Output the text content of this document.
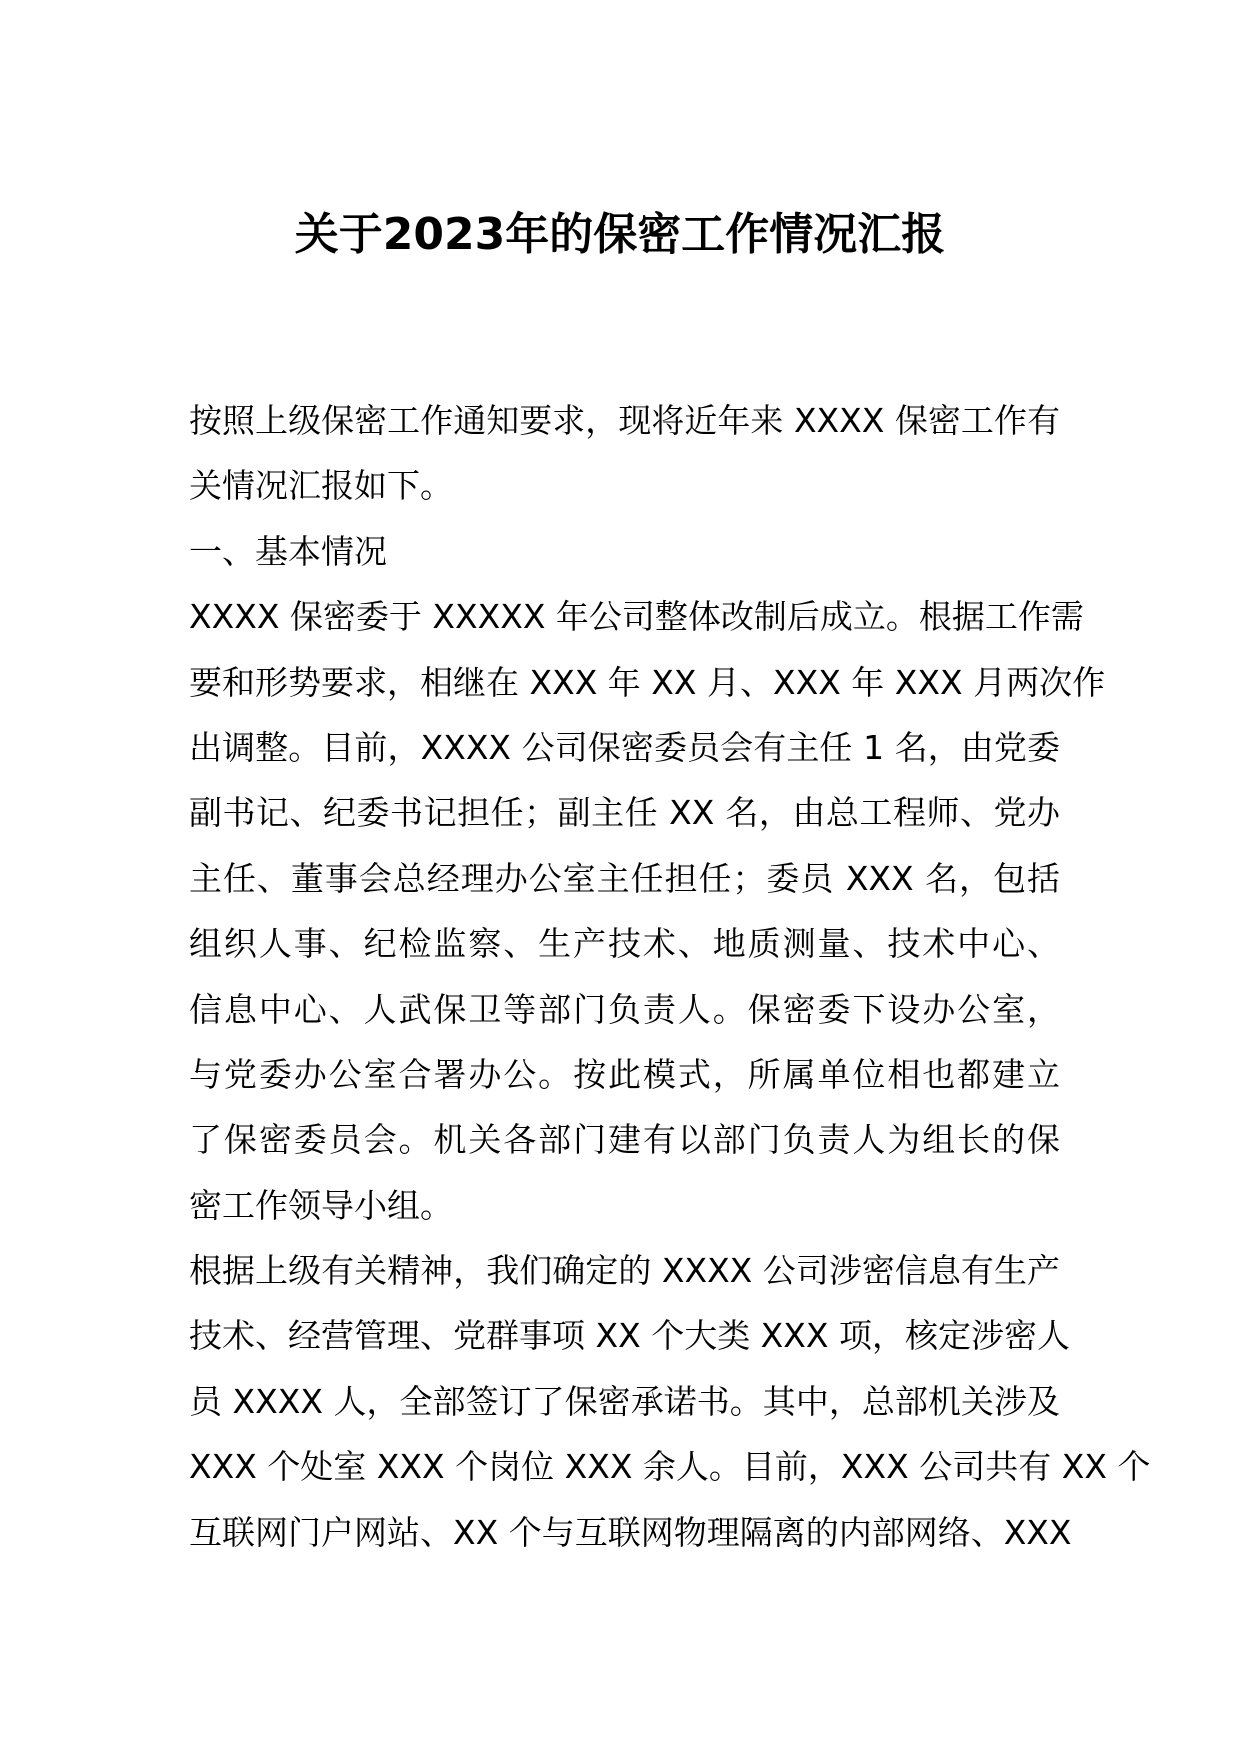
关于2023年的保密工作情况汇报
按照上级保密工作通知要求，现将近年来 XXXX 保密工作有
关情况汇报如下。
一、基本情况
XXXX 保密委于 XXXXX 年公司整体改制后成立。根据工作需
要和形势要求，相继在 XXX 年 XX 月、XXX 年 XXX 月两次作
出调整。目前，XXXX 公司保密委员会有主任 1 名，由党委
副书记、纪委书记担任；副主任 XX 名，由总工程师、党办
主任、董事会总经理办公室主任担任；委员 XXX 名，包括
组织人事、纪检监察、生产技术、地质测量、技术中心、
信息中心、人武保卫等部门负责人。保密委下设办公室，
与党委办公室合署办公。按此模式，所属单位相也都建立
了保密委员会。机关各部门建有以部门负责人为组长的保
密工作领导小组。
根据上级有关精神，我们确定的 XXXX 公司涉密信息有生产
技术、经营管理、党群事项 XX 个大类 XXX 项，核定涉密人
员 XXXX 人，全部签订了保密承诺书。其中，总部机关涉及
XXX 个处室 XXX 个岗位 XXX 余人。目前，XXX 公司共有 XX 个
互联网门户网站、XX 个与互联网物理隔离的内部网络、XXX
